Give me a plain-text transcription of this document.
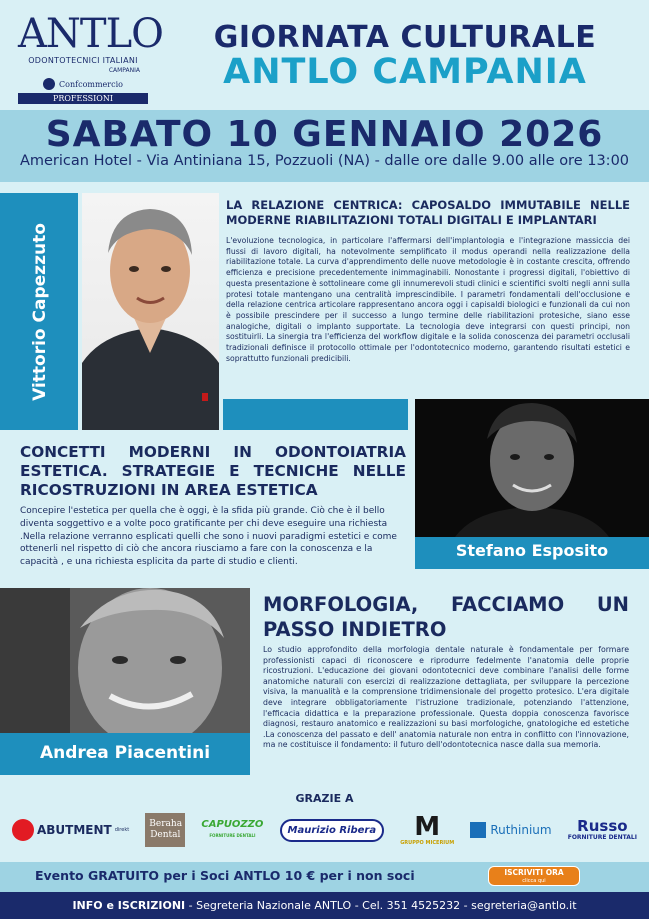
ANTLO
ODONTOTECNICI ITALIANI
CAMPANIA
Confcommercio
PROFESSIONI
GIORNATA CULTURALE
ANTLO CAMPANIA
SABATO 10 GENNAIO 2026
American Hotel - Via Antiniana 15, Pozzuoli (NA) - dalle ore dalle 9.00 alle ore 13:00
Vittorio Capezzuto
LA RELAZIONE CENTRICA: CAPOSALDO IMMUTABILE NELLE MODERNE RIABILITAZIONI TOTALI DIGITALI E IMPLANTARI
L'evoluzione tecnologica, in particolare l'affermarsi dell'implantologia e l'integrazione massiccia dei flussi di lavoro digitali, ha notevolmente semplificato il modus operandi nella realizzazione della riabilitazione totale. La curva d'apprendimento delle nuove metodologie è in costante crescita, offrendo efficienza e precisione precedentemente inimmaginabili. Nonostante i progressi digitali, l'obiettivo di questa presentazione è sottolineare come gli innumerevoli studi clinici e scientifici svolti negli anni sulla protesi totale mantengano una centralità imprescindibile. I parametri fondamentali dell'occlusione e della relazione centrica articolare rappresentano ancora oggi i capisaldi biologici e funzionali da cui non è possibile prescindere per il successo a lungo termine delle riabilitazioni protesiche, siano esse analogiche, digitali o implanto supportate. La tecnologia deve integrarsi con questi principi, non sostituirli. La sinergia tra l'efficienza del workflow digitale e la solida conoscenza dei parametri occlusali tradizionali definisce il protocollo ottimale per l'odontotecnico moderno, garantendo risultati estetici e soprattutto funzionali predicibili.
Stefano Esposito
CONCETTI MODERNI IN ODONTOIATRIA ESTETICA. STRATEGIE E TECNICHE NELLE RICOSTRUZIONI IN AREA ESTETICA
Concepire l'estetica per quella che è oggi, è la sfida più grande. Ciò che è il bello diventa soggettivo e a volte poco gratificante per chi deve eseguire una richiesta .Nella relazione verranno esplicati quelli che sono i nuovi paradigmi estetici e come ottenerli nel rispetto di ciò che ancora riusciamo a fare con la conoscenza e la capacità , e una richiesta esplicita da parte di studio e clienti.
Andrea Piacentini
MORFOLOGIA, FACCIAMO UN PASSO INDIETRO
Lo studio approfondito della morfologia dentale naturale è fondamentale per formare professionisti capaci di riconoscere e riprodurre fedelmente l'anatomia delle proprie ricostruzioni. L'educazione dei giovani odontotecnici deve combinare l'analisi delle forme anatomiche naturali con esercizi di realizzazione dettagliata, per sviluppare la percezione visiva, la manualità e la comprensione tridimensionale del progetto protesico. L'era digitale deve integrare obbligatoriamente l'istruzione tradizionale, potenziando l'attenzione, l'efficacia didattica e la preparazione professionale. Questa doppia conoscenza favorisce diagnosi, restauro anatomico e realizzazioni su basi morfologiche, gnatologiche ed estetiche .La conoscenza del passato e dell' anatomia naturale non entra in conflitto con l'innovazione, ma ne costituisce il fondamento: il futuro dell'odontotecnica nasce dalla sua memoria.
GRAZIE A
ABUTMENT direkt
Beraha
Dental
CAPUOZZO
FORNITURE DENTALI	Maurizio Ribera	M
GRUPPO MICERIUM
Ruthinium Russo
FORNITURE DENTALI
Evento GRATUITO per i Soci ANTLO 10 € per i non soci	ISCRIVITI ORA
clicca qui
INFO e ISCRIZIONI - Segreteria Nazionale ANTLO - Cel. 351 4525232 - segreteria@antlo.it
